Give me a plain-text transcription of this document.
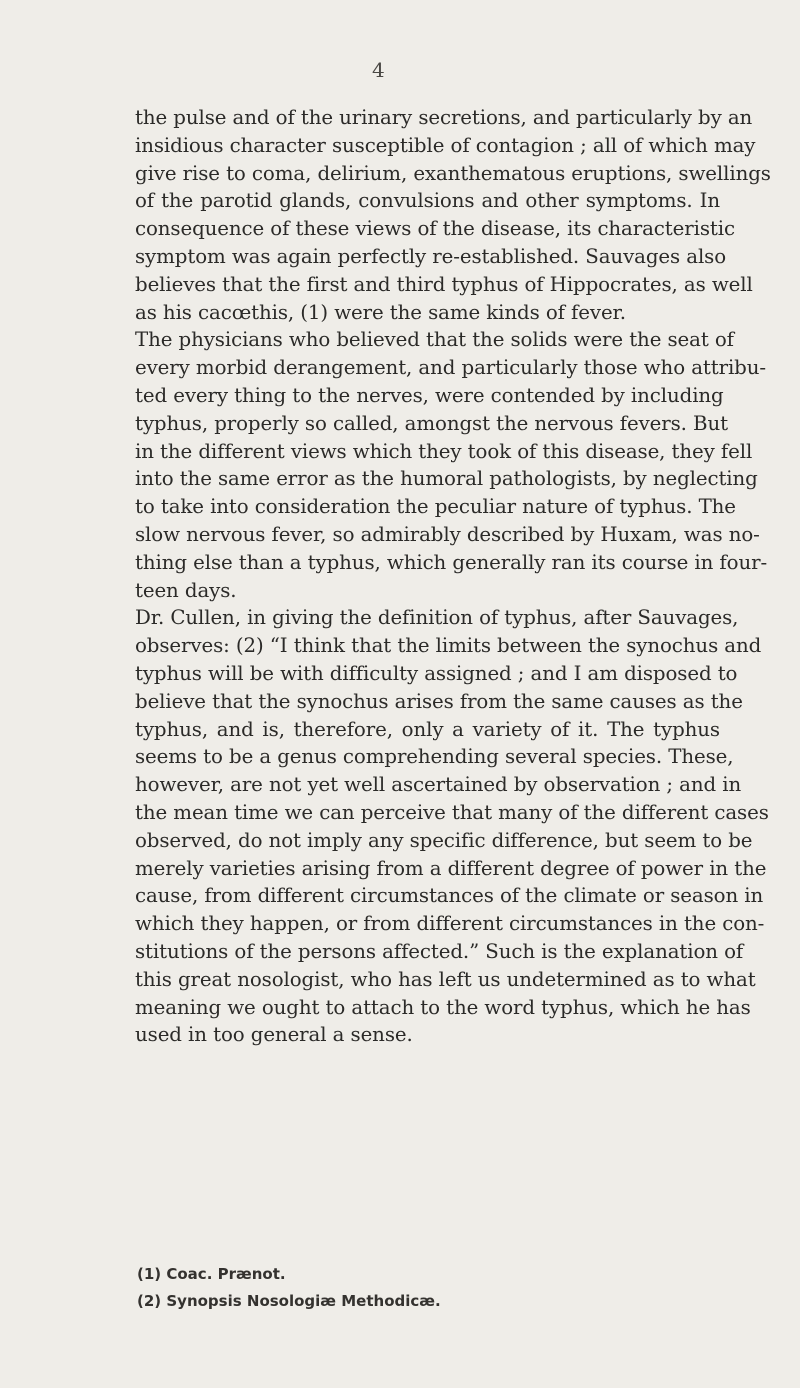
4
the pulse and of the urinary secretions, and particularly by an
insidious character susceptible of contagion ; all of which may
give rise to coma, delirium, exanthematous eruptions, swellings
of the parotid glands, convulsions and other symptoms. In
consequence of these views of the disease, its characteristic
symptom was again perfectly re-established. Sauvages also
believes that the first and third typhus of Hippocrates, as well
as his cacœthis, (1) were the same kinds of fever.
The physicians who believed that the solids were the seat of
every morbid derangement, and particularly those who attribu-
ted every thing to the nerves, were contended by including
typhus, properly so called, amongst the nervous fevers. But
in the different views which they took of this disease, they fell
into the same error as the humoral pathologists, by neglecting
to take into consideration the peculiar nature of typhus. The
slow nervous fever, so admirably described by Huxam, was no-
thing else than a typhus, which generally ran its course in four-
teen days.
Dr. Cullen, in giving the definition of typhus, after Sauvages,
observes: (2) “I think that the limits between the synochus and
typhus will be with difficulty assigned ; and I am disposed to
believe that the synochus arises from the same causes as the
typhus, and is, therefore, only a variety of it. The typhus
seems to be a genus comprehending several species. These,
however, are not yet well ascertained by observation ; and in
the mean time we can perceive that many of the different cases
observed, do not imply any specific difference, but seem to be
merely varieties arising from a different degree of power in the
cause, from different circumstances of the climate or season in
which they happen, or from different circumstances in the con-
stitutions of the persons affected.” Such is the explanation of
this great nosologist, who has left us undetermined as to what
meaning we ought to attach to the word typhus, which he has
used in too general a sense.
(1) Coac. Prænot.
(2) Synopsis Nosologiæ Methodicæ.
